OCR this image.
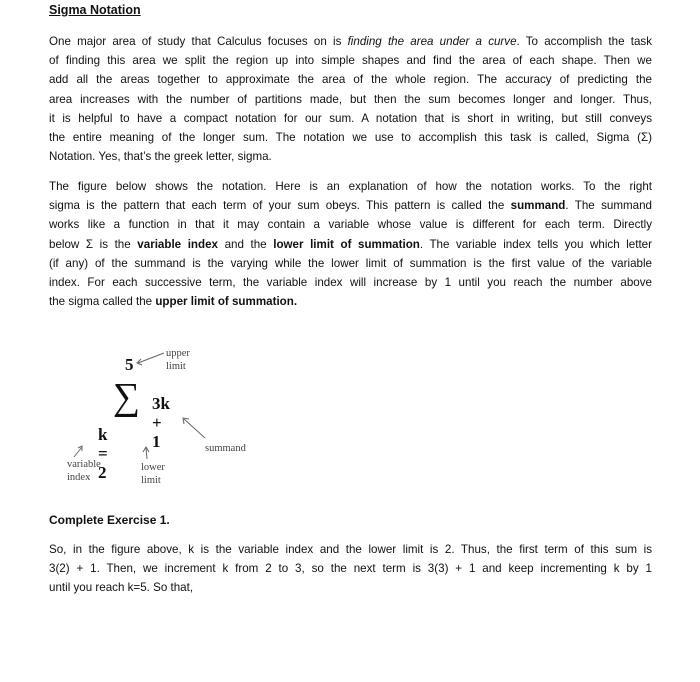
Sigma Notation
One major area of study that Calculus focuses on is finding the area under a curve. To accomplish the task
of finding this area we split the region up into simple shapes and find the area of each shape. Then we
add all the areas together to approximate the area of the whole region. The accuracy of predicting the
area increases with the number of partitions made, but then the sum becomes longer and longer. Thus,
it is helpful to have a compact notation for our sum. A notation that is short in writing, but still conveys
the entire meaning of the longer sum. The notation we use to accomplish this task is called, Sigma (Σ)
Notation. Yes, that’s the greek letter, sigma.
The figure below shows the notation. Here is an explanation of how the notation works. To the right
sigma is the pattern that each term of your sum obeys. This pattern is called the summand. The summand
works like a function in that it may contain a variable whose value is different for each term. Directly
below Σ is the variable index and the lower limit of summation. The variable index tells you which letter
(if any) of the summand is the varying while the lower limit of summation is the first value of the variable
index. For each successive term, the variable index will increase by 1 until you reach the number above
the sigma called the upper limit of summation.
5
∑ 3k + 1
k = 2
upper limit
summand
variable
index
lower
limit
Complete Exercise 1.
So, in the figure above, k is the variable index and the lower limit is 2. Thus, the first term of this sum is
3(2) + 1. Then, we increment k from 2 to 3, so the next term is 3(3) + 1 and keep incrementing k by 1
until you reach k=5. So that,
